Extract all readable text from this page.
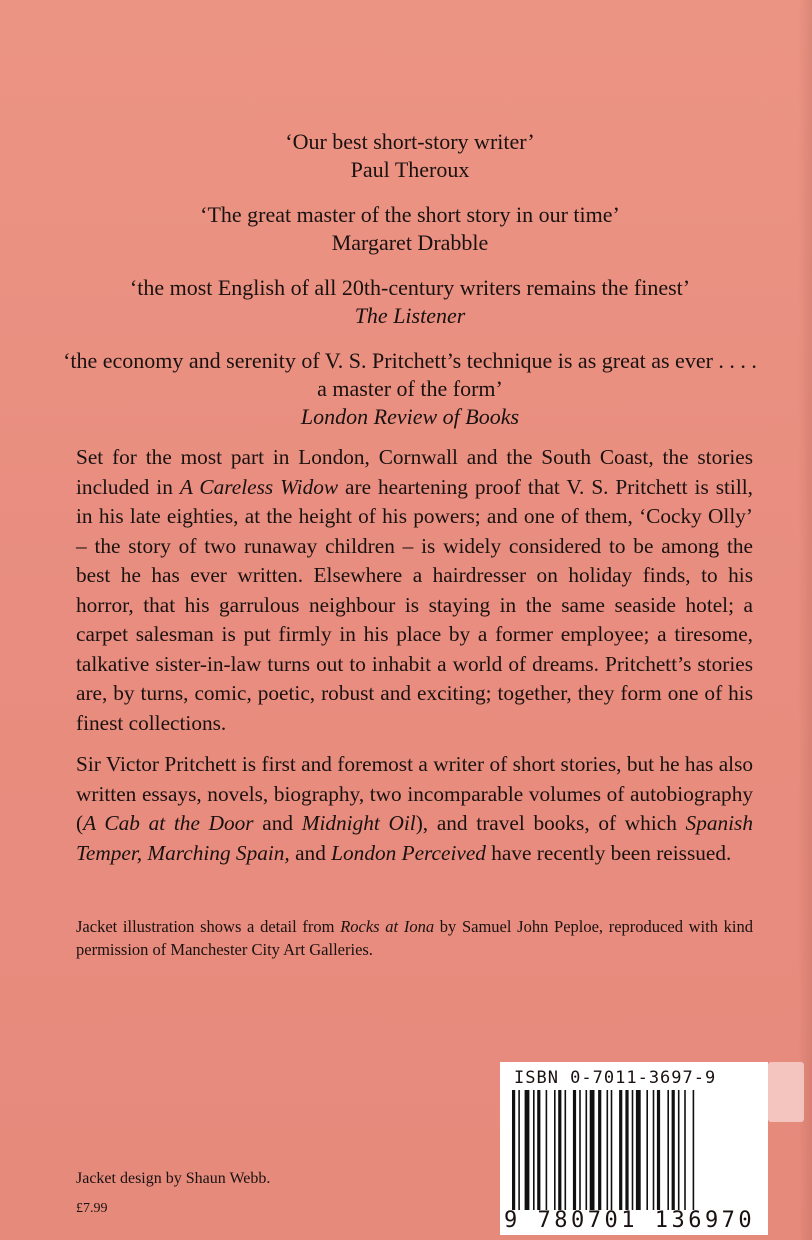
‘Our best short-story writer’
Paul Theroux
‘The great master of the short story in our time’
Margaret Drabble
‘the most English of all 20th-century writers remains the finest’
The Listener
‘the economy and serenity of V. S. Pritchett’s technique is as great as ever . . . . a master of the form’
London Review of Books

Set for the most part in London, Cornwall and the South Coast, the stories included in A Careless Widow are heartening proof that V. S. Pritchett is still, in his late eighties, at the height of his powers; and one of them, ‘Cocky Olly’ – the story of two runaway children – is widely considered to be among the best he has ever written. Elsewhere a hairdresser on holiday finds, to his horror, that his garrulous neighbour is staying in the same seaside hotel; a carpet salesman is put firmly in his place by a former employee; a tiresome, talkative sister-in-law turns out to inhabit a world of dreams. Pritchett’s stories are, by turns, comic, poetic, robust and exciting; together, they form one of his finest collections.

Sir Victor Pritchett is first and foremost a writer of short stories, but he has also written essays, novels, biography, two incomparable volumes of autobiography (A Cab at the Door and Midnight Oil), and travel books, of which Spanish Temper, Marching Spain, and London Perceived have recently been reissued.

Jacket illustration shows a detail from Rocks at Iona by Samuel John Peploe, reproduced with kind permission of Manchester City Art Galleries.
Jacket design by Shaun Webb.
£7.99
ISBN 0-7011-3697-9
9 780701 136970
